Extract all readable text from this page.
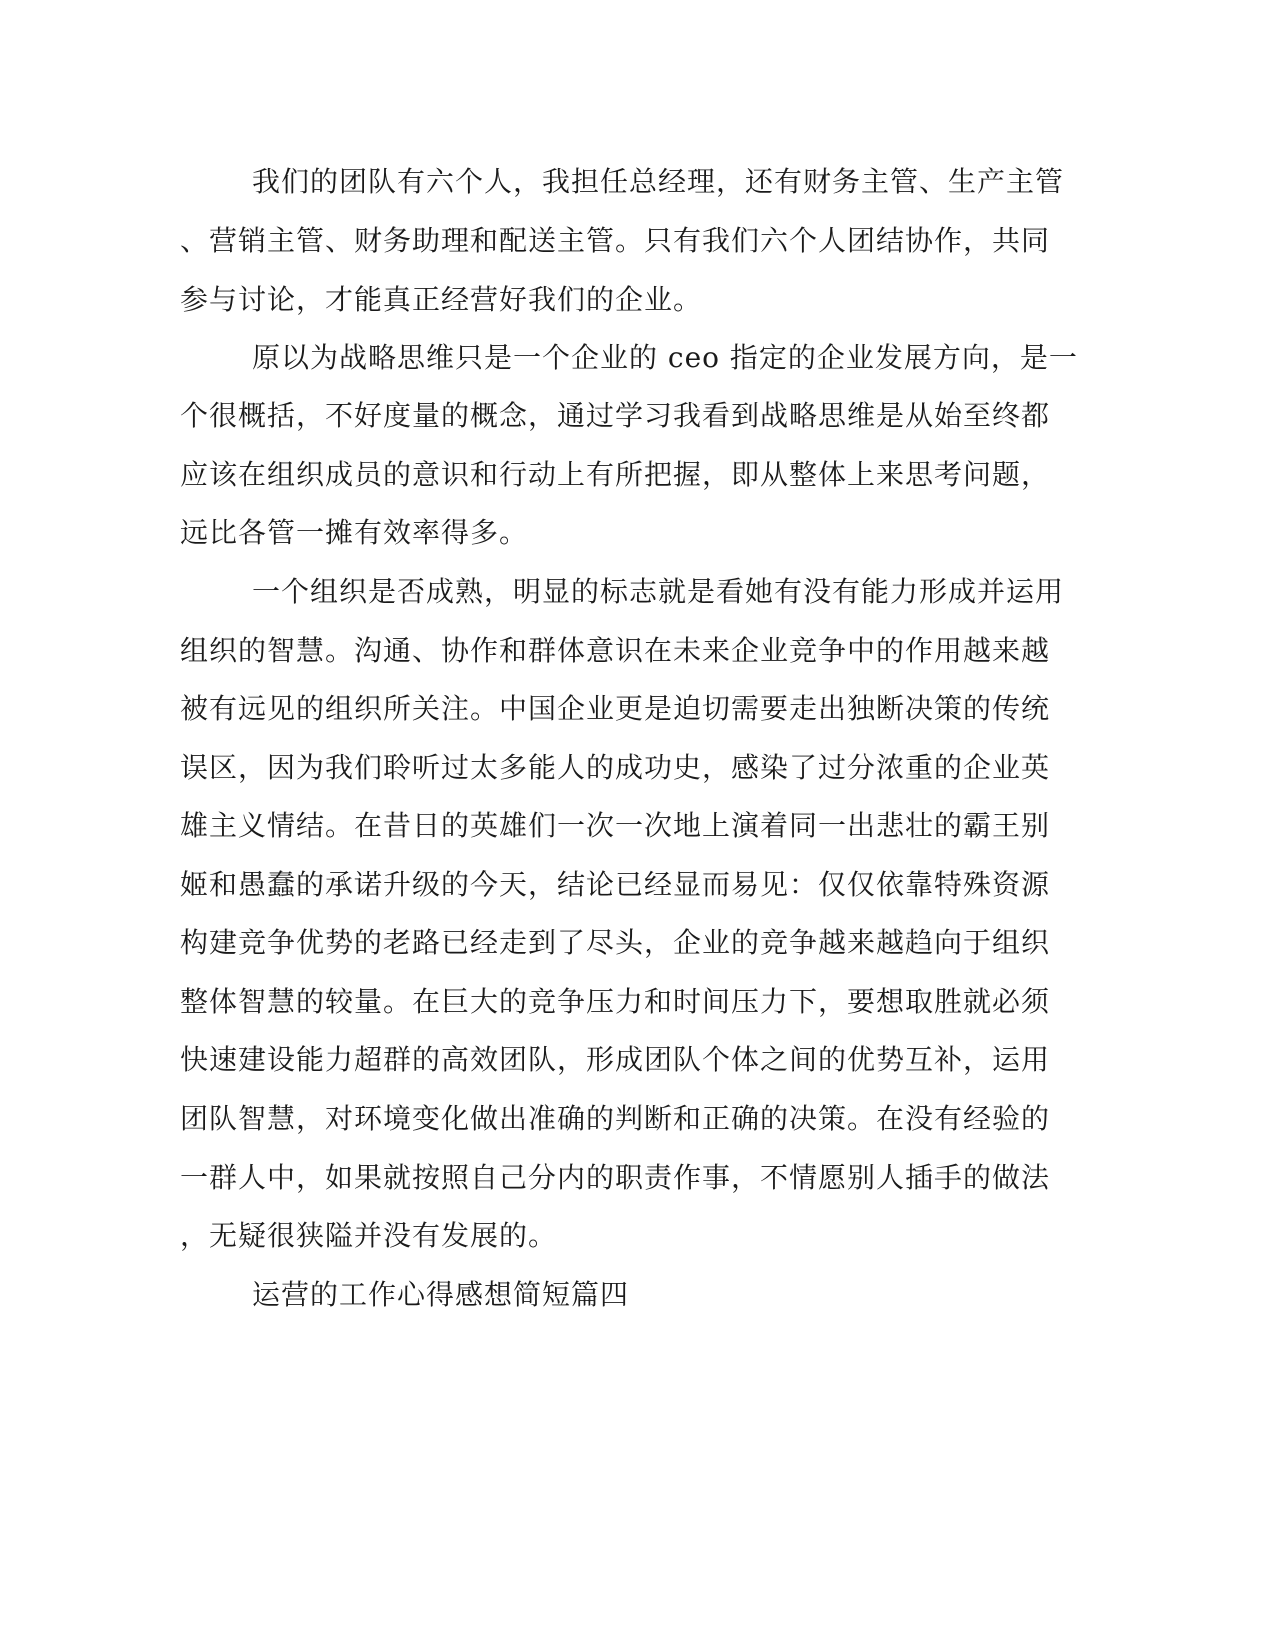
我们的团队有六个人，我担任总经理，还有财务主管、生产主管
、营销主管、财务助理和配送主管。只有我们六个人团结协作，共同
参与讨论，才能真正经营好我们的企业。
原以为战略思维只是一个企业的 ceo 指定的企业发展方向，是一
个很概括，不好度量的概念，通过学习我看到战略思维是从始至终都
应该在组织成员的意识和行动上有所把握，即从整体上来思考问题，
远比各管一摊有效率得多。
一个组织是否成熟，明显的标志就是看她有没有能力形成并运用
组织的智慧。沟通、协作和群体意识在未来企业竞争中的作用越来越
被有远见的组织所关注。中国企业更是迫切需要走出独断决策的传统
误区，因为我们聆听过太多能人的成功史，感染了过分浓重的企业英
雄主义情结。在昔日的英雄们一次一次地上演着同一出悲壮的霸王别
姬和愚蠢的承诺升级的今天，结论已经显而易见：仅仅依靠特殊资源
构建竞争优势的老路已经走到了尽头，企业的竞争越来越趋向于组织
整体智慧的较量。在巨大的竞争压力和时间压力下，要想取胜就必须
快速建设能力超群的高效团队，形成团队个体之间的优势互补，运用
团队智慧，对环境变化做出准确的判断和正确的决策。在没有经验的
一群人中，如果就按照自己分内的职责作事，不情愿别人插手的做法
，无疑很狭隘并没有发展的。
运营的工作心得感想简短篇四
